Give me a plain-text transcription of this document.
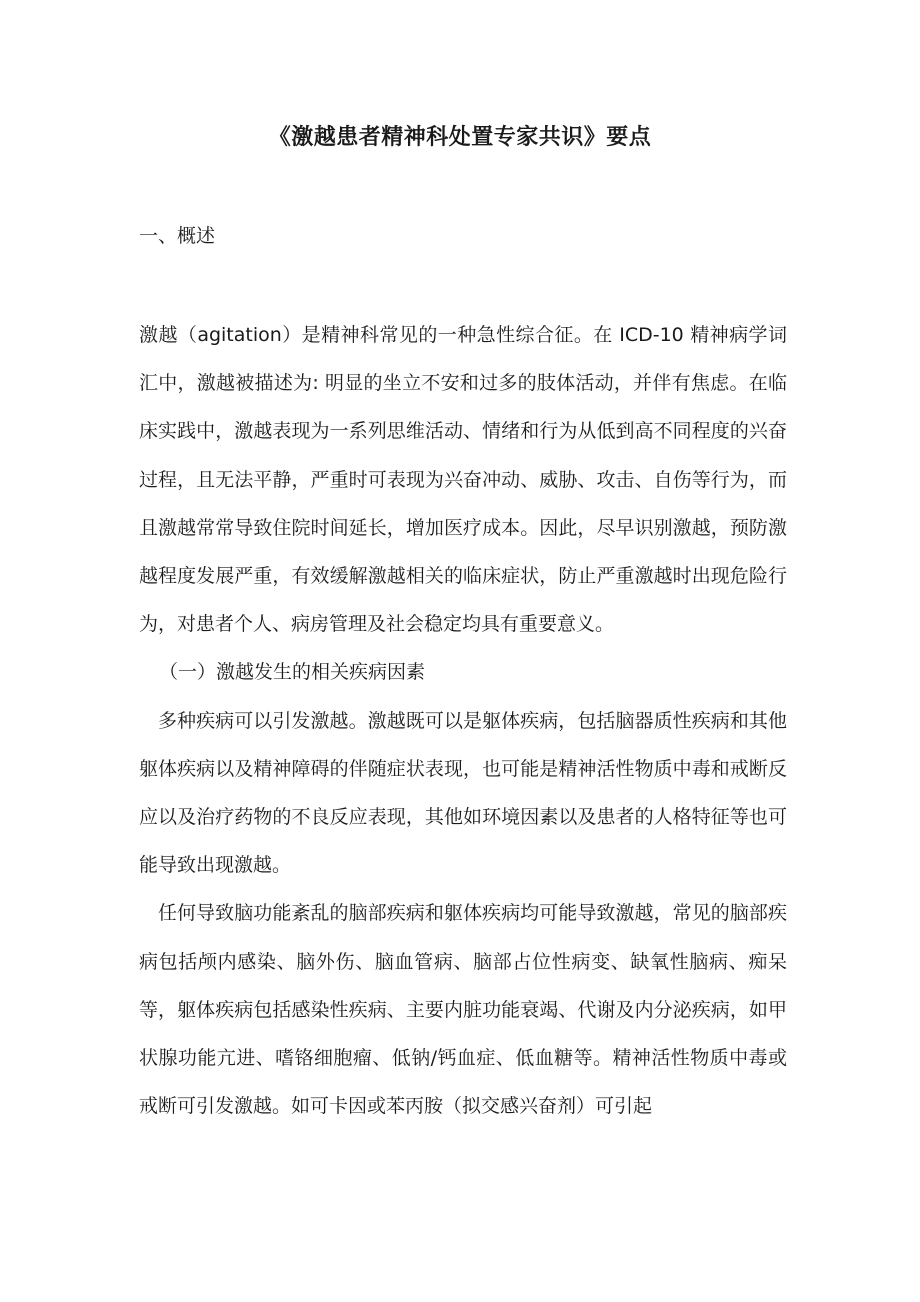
《激越患者精神科处置专家共识》要点
一、概述

激越（agitation）是精神科常见的一种急性综合征。在 ICD-10 精神病学词汇中，激越被描述为: 明显的坐立不安和过多的肢体活动，并伴有焦虑。在临床实践中，激越表现为一系列思维活动、情绪和行为从低到高不同程度的兴奋过程，且无法平静，严重时可表现为兴奋冲动、威胁、攻击、自伤等行为，而且激越常常导致住院时间延长，增加医疗成本。因此，尽早识别激越，预防激越程度发展严重，有效缓解激越相关的临床症状，防止严重激越时出现危险行为，对患者个人、病房管理及社会稳定均具有重要意义。

（一）激越发生的相关疾病因素

多种疾病可以引发激越。激越既可以是躯体疾病，包括脑器质性疾病和其他躯体疾病以及精神障碍的伴随症状表现，也可能是精神活性物质中毒和戒断反应以及治疗药物的不良反应表现，其他如环境因素以及患者的人格特征等也可能导致出现激越。

任何导致脑功能紊乱的脑部疾病和躯体疾病均可能导致激越，常见的脑部疾病包括颅内感染、脑外伤、脑血管病、脑部占位性病变、缺氧性脑病、痴呆等，躯体疾病包括感染性疾病、主要内脏功能衰竭、代谢及内分泌疾病，如甲状腺功能亢进、嗜铬细胞瘤、低钠/钙血症、低血糖等。精神活性物质中毒或戒断可引发激越。如可卡因或苯丙胺（拟交感兴奋剂）可引起
